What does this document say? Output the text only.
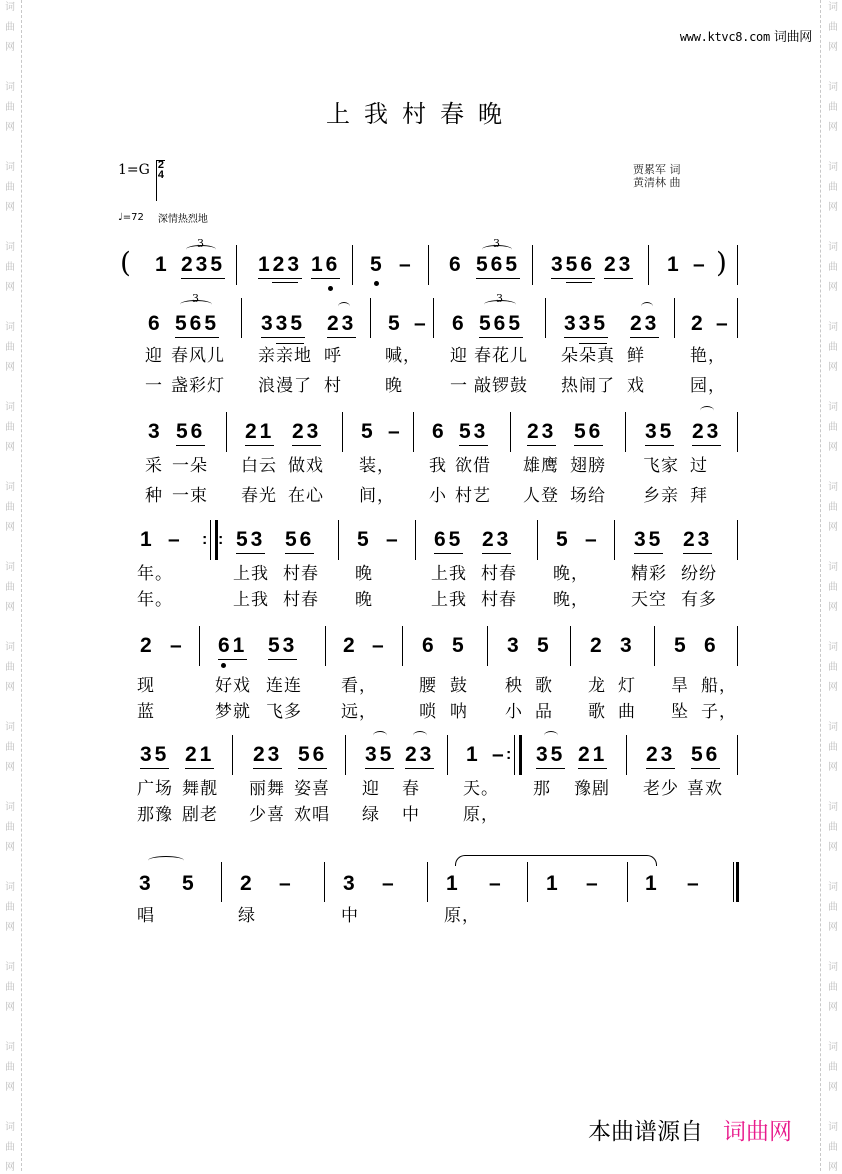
词
曲
网
词
曲
网
词
曲
网
词
曲
网
词
曲
网
词
曲
网
词
曲
网
词
曲
网
词
曲
网
词
曲
网
词
曲
网
词
曲
网
词
曲
网
词
曲
网
词
曲
网
词
曲
网
词
曲
网
词
曲
网
词
曲
网
词
曲
网
词
曲
网
词
曲
网
词
曲
网
词
曲
网
词
曲
网
词
曲
网
词
曲
网
词
曲
网
词
曲
网
词
曲
网
www.ktvc8.com 词曲网
上我村春晚
1=G 2
4	贾累军 词
黄清林 曲
♩=72 深情热烈地
( 1 235
3
123 16 5 – 6 565
3
356 23 1 – )
6 565
3
335 23 5 – 6 565
3
335 23 2 –
迎 春风儿 亲亲地 呼	喊， 迎 春花儿 朵朵真 鲜	艳，
一 盏彩灯 浪漫了 村	晚	一 敲锣鼓 热闹了 戏	园，
3 56 21 23 5 – 6 53 23 56 35 23
采 一朵 白云 做戏 装， 我 欲借 雄鹰 翅膀 飞家 过
种 一束 春光 在心 间， 小 村艺 人登 场给 乡亲 拜
1 – : : 53 56 5 – 65 23 5 – 35 23
年。	上我 村春 晚	上我 村春 晚， 精彩 纷纷
年。	上我 村春 晚	上我 村春 晚， 天空 有多
2 – 61 53 2 – 6 5 3 5 2 3 5 6
现	好戏 连连 看， 腰 鼓 秧 歌 龙 灯 旱 船，
蓝	梦就 飞多 远， 唢 呐 小 品 歌 曲 坠 子，
35 21 23 56 35 23 1 – : 35 21 23 56
广场 舞靓 丽舞 姿喜 迎 春	天。 那 豫剧 老少 喜欢
那豫 剧老 少喜 欢唱 绿 中	原，
3 5 2 – 3 – 1 – 1 – 1 –
唱	绿	中	原，
本曲谱源自 词曲网
